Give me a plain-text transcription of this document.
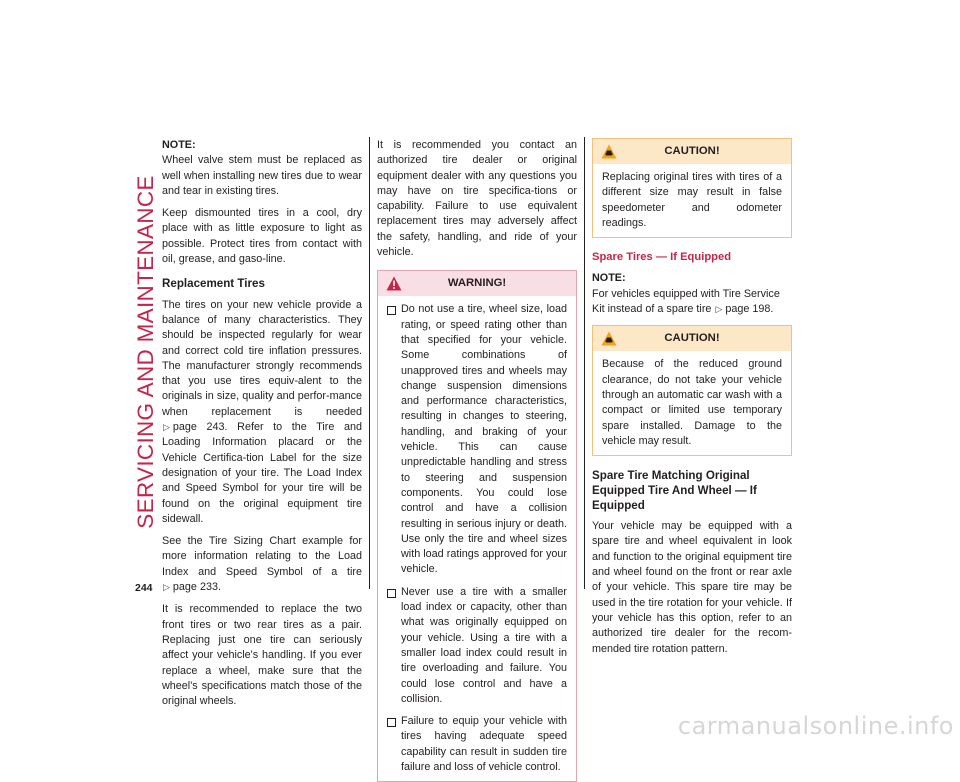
SERVICING AND MAINTENANCE
244

NOTE:
Wheel valve stem must be replaced as well when installing new tires due to wear and tear in existing tires.

Keep dismounted tires in a cool, dry place with as little exposure to light as possible. Protect tires from contact with oil, grease, and gaso-line.

Replacement Tires

The tires on your new vehicle provide a balance of many characteristics. They should be inspected regularly for wear and correct cold tire inflation pressures. The manufacturer strongly recommends that you use tires equiv-alent to the originals in size, quality and perfor-mance when replacement is needed ▷ page 243. Refer to the Tire and Loading Information placard or the Vehicle Certifica-tion Label for the size designation of your tire. The Load Index and Speed Symbol for your tire will be found on the original equipment tire sidewall.

See the Tire Sizing Chart example for more information relating to the Load Index and Speed Symbol of a tire ▷ page 233.

It is recommended to replace the two front tires or two rear tires as a pair. Replacing just one tire can seriously affect your vehicle's handling. If you ever replace a wheel, make sure that the wheel's specifications match those of the original wheels.

It is recommended you contact an authorized tire dealer or original equipment dealer with any questions you may have on tire specifica-tions or capability. Failure to use equivalent replacement tires may adversely affect the safety, handling, and ride of your vehicle.

WARNING!
Do not use a tire, wheel size, load rating, or speed rating other than that specified for your vehicle. Some combinations of unapproved tires and wheels may change suspension dimensions and performance characteristics, resulting in changes to steering, handling, and braking of your vehicle. This can cause unpredictable handling and stress to steering and suspension components. You could lose control and have a collision resulting in serious injury or death. Use only the tire and wheel sizes with load ratings approved for your vehicle.
Never use a tire with a smaller load index or capacity, other than what was originally equipped on your vehicle. Using a tire with a smaller load index could result in tire overloading and failure. You could lose control and have a collision.
Failure to equip your vehicle with tires having adequate speed capability can result in sudden tire failure and loss of vehicle control.
CAUTION!

Replacing original tires with tires of a different size may result in false speedometer and odometer readings.

Spare Tires — If Equipped

NOTE:
For vehicles equipped with Tire Service Kit instead of a spare tire ▷ page 198.

CAUTION!

Because of the reduced ground clearance, do not take your vehicle through an automatic car wash with a compact or limited use temporary spare installed. Damage to the vehicle may result.

Spare Tire Matching Original Equipped Tire And Wheel — If Equipped

Your vehicle may be equipped with a spare tire and wheel equivalent in look and function to the original equipment tire and wheel found on the front or rear axle of your vehicle. This spare tire may be used in the tire rotation for your vehicle. If your vehicle has this option, refer to an authorized tire dealer for the recom-mended tire rotation pattern.

carmanualsonline.info
